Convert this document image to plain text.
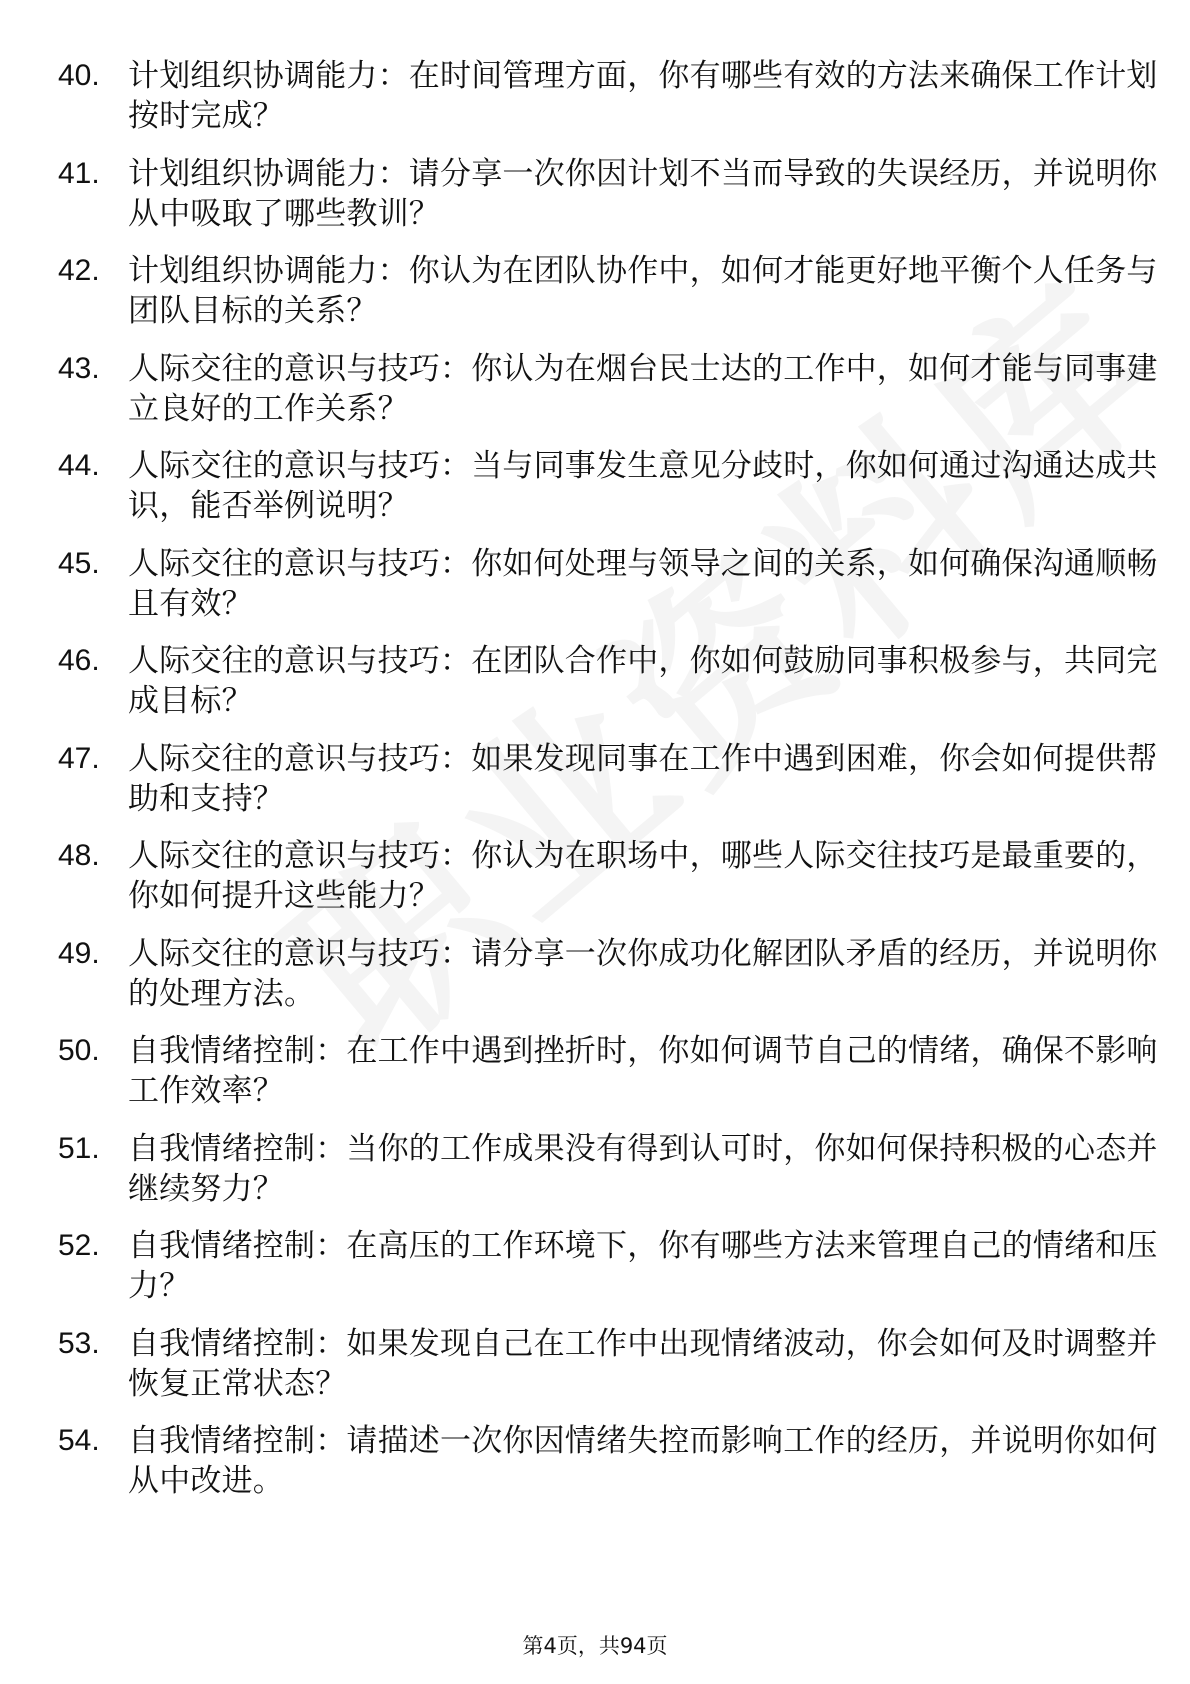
40. 计划组织协调能力：在时间管理方面，你有哪些有效的方法来确保工作计划按时完成？
41. 计划组织协调能力：请分享一次你因计划不当而导致的失误经历，并说明你从中吸取了哪些教训？
42. 计划组织协调能力：你认为在团队协作中，如何才能更好地平衡个人任务与团队目标的关系？
43. 人际交往的意识与技巧：你认为在烟台民士达的工作中，如何才能与同事建立良好的工作关系？
44. 人际交往的意识与技巧：当与同事发生意见分歧时，你如何通过沟通达成共识，能否举例说明？
45. 人际交往的意识与技巧：你如何处理与领导之间的关系，如何确保沟通顺畅且有效？
46. 人际交往的意识与技巧：在团队合作中，你如何鼓励同事积极参与，共同完成目标？
47. 人际交往的意识与技巧：如果发现同事在工作中遇到困难，你会如何提供帮助和支持？
48. 人际交往的意识与技巧：你认为在职场中，哪些人际交往技巧是最重要的，你如何提升这些能力？
49. 人际交往的意识与技巧：请分享一次你成功化解团队矛盾的经历，并说明你的处理方法。
50. 自我情绪控制：在工作中遇到挫折时，你如何调节自己的情绪，确保不影响工作效率？
51. 自我情绪控制：当你的工作成果没有得到认可时，你如何保持积极的心态并继续努力？
52. 自我情绪控制：在高压的工作环境下，你有哪些方法来管理自己的情绪和压力？
53. 自我情绪控制：如果发现自己在工作中出现情绪波动，你会如何及时调整并恢复正常状态？
54. 自我情绪控制：请描述一次你因情绪失控而影响工作的经历，并说明你如何从中改进。
第4页，共94页
